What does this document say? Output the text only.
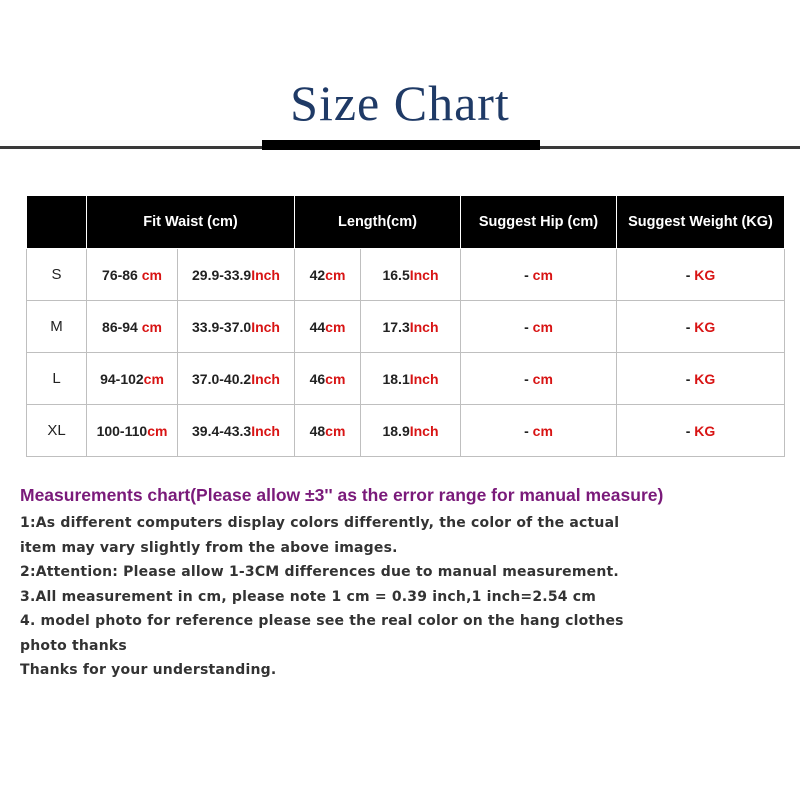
Size Chart
	Fit Waist (cm)		Length(cm)		Suggest Hip (cm)	Suggest Weight (KG)
S	76-86 cm	29.9-33.9Inch	42cm	16.5Inch	- cm	- KG
M	86-94 cm	33.9-37.0Inch	44cm	17.3Inch	- cm	- KG
L	94-102cm	37.0-40.2Inch	46cm	18.1Inch	- cm	- KG
XL	100-110cm	39.4-43.3Inch	48cm	18.9Inch	- cm	- KG

Measurements chart(Please allow ±3'' as the error range for manual measure)

1:As different computers display colors differently, the color of the actual

item may vary slightly from the above images.

2:Attention: Please allow 1-3CM differences due to manual measurement.

3.All measurement in cm, please note 1 cm = 0.39 inch,1 inch=2.54 cm

4. model photo for reference please see the real color on the hang clothes

photo thanks

Thanks for your understanding.
